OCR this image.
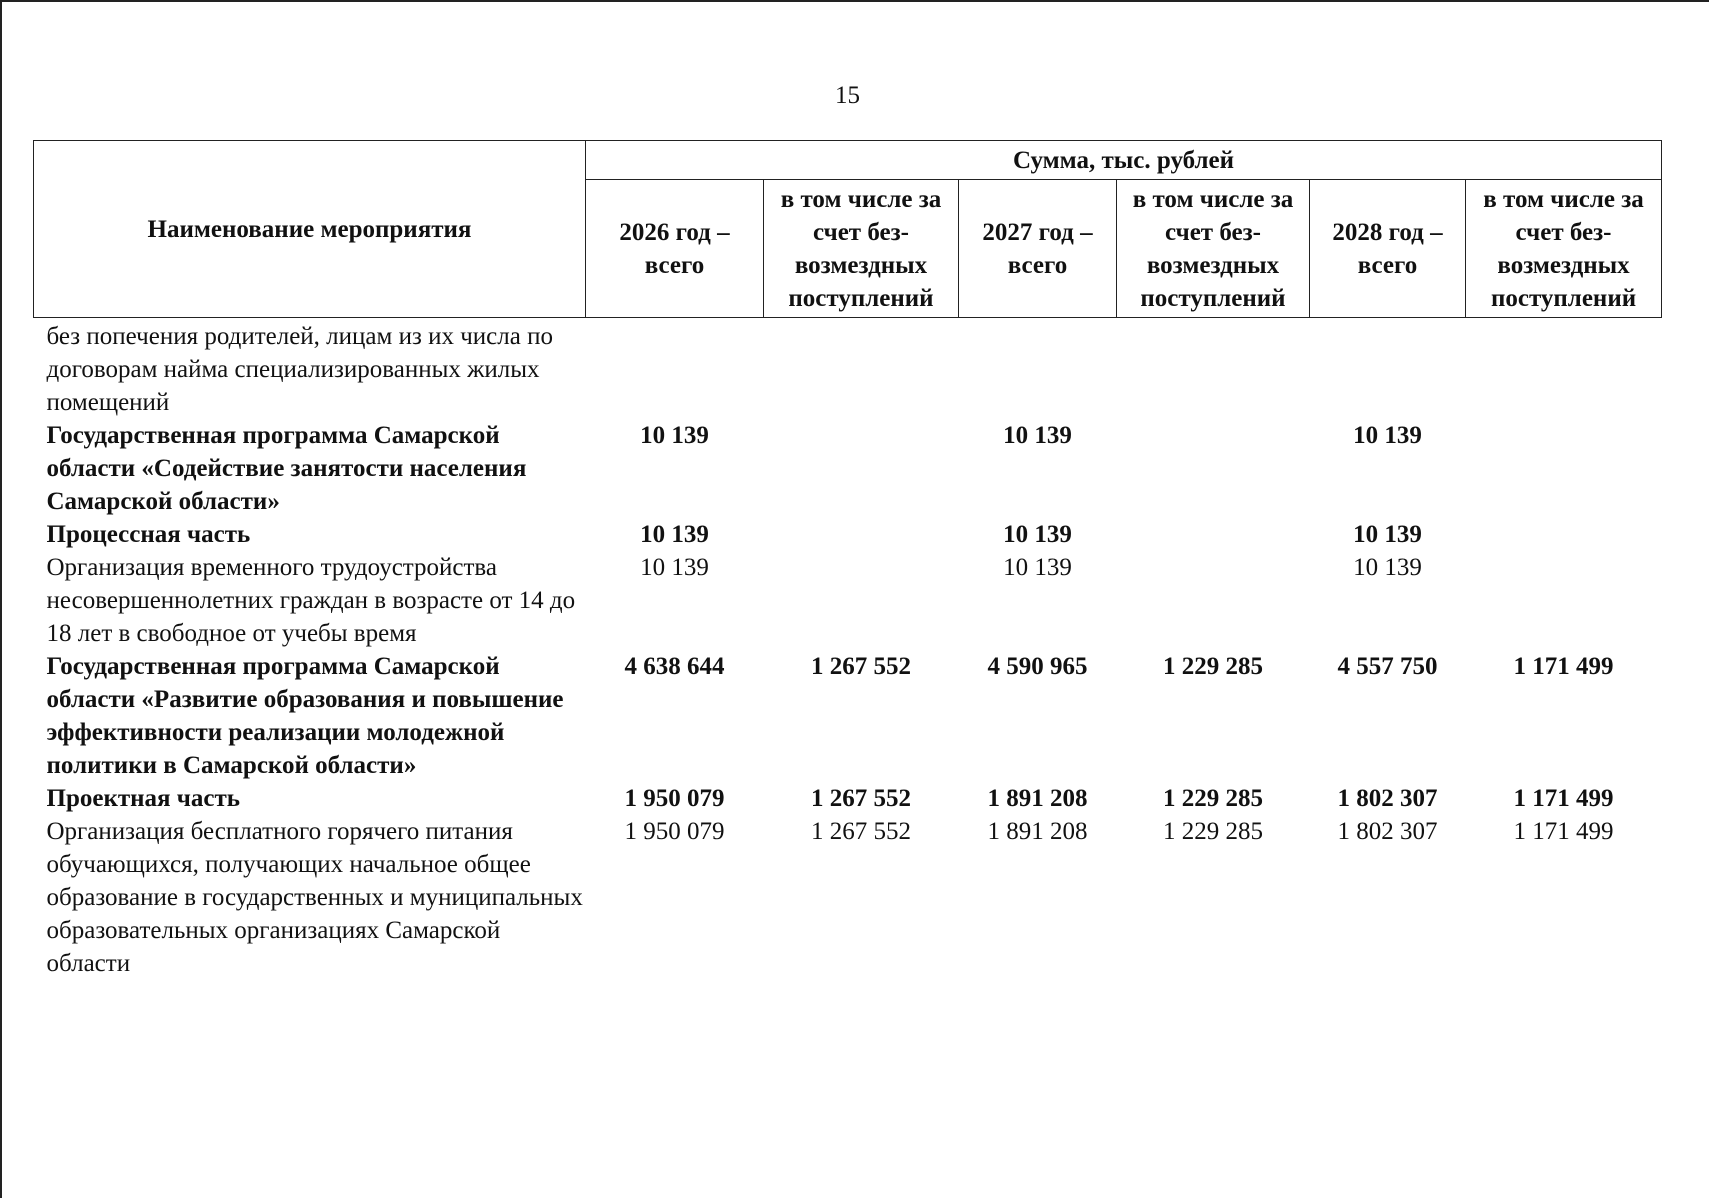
15
Наименование мероприятия	Сумма, тыс. рублей					
	2026 год – всего	в том числе за счет без-возмездных поступлений	2027 год – всего	в том числе за счет без-возмездных поступлений	2028 год – всего	в том числе за счет без-возмездных поступлений
без попечения родителей, лицам из их числа по договорам найма специализированных жилых помещений						
Государственная программа Самарской области «Содействие занятости населения Самарской области»	10 139		10 139		10 139	
Процессная часть	10 139		10 139		10 139	
Организация временного трудоустройства несовершеннолетних граждан в возрасте от 14 до 18 лет в свободное от учебы время	10 139		10 139		10 139	
Государственная программа Самарской области «Развитие образования и повышение эффективности реализации молодежной политики в Самарской области»	4 638 644	1 267 552	4 590 965	1 229 285	4 557 750	1 171 499
Проектная часть	1 950 079	1 267 552	1 891 208	1 229 285	1 802 307	1 171 499
Организация бесплатного горячего питания обучающихся, получающих начальное общее образование в государственных и муниципальных образовательных организациях Самарской области	1 950 079	1 267 552	1 891 208	1 229 285	1 802 307	1 171 499
